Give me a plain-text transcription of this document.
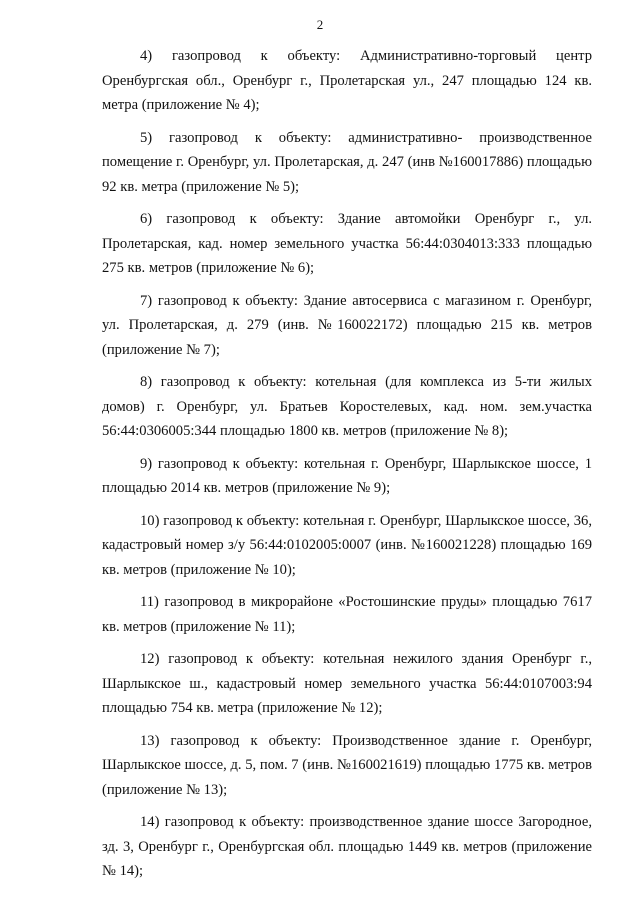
2

4) газопровод к объекту: Административно-торговый центр Оренбургская обл., Оренбург г., Пролетарская ул., 247 площадью 124 кв. метра (приложение № 4);

5) газопровод к объекту: административно- производственное помещение г. Оренбург, ул. Пролетарская, д. 247 (инв №160017886) площадью 92 кв. метра (приложение № 5);

6) газопровод к объекту: Здание автомойки Оренбург г., ул. Пролетарская, кад. номер земельного участка 56:44:0304013:333 площадью 275 кв. метров (приложение № 6);

7) газопровод к объекту: Здание автосервиса с магазином г. Оренбург, ул. Пролетарская, д. 279 (инв. №160022172) площадью 215 кв. метров (приложение № 7);

8) газопровод к объекту: котельная (для комплекса из 5-ти жилых домов) г. Оренбург, ул. Братьев Коростелевых, кад. ном. зем.участка 56:44:0306005:344 площадью 1800 кв. метров (приложение № 8);

9) газопровод к объекту: котельная г. Оренбург, Шарлыкское шоссе, 1 площадью 2014 кв. метров (приложение № 9);

10) газопровод к объекту: котельная г. Оренбург, Шарлыкское шоссе, 36, кадастровый номер з/у 56:44:0102005:0007 (инв. №160021228) площадью 169 кв. метров (приложение № 10);

11) газопровод в микрорайоне «Ростошинские пруды» площадью 7617 кв. метров (приложение № 11);

12) газопровод к объекту: котельная нежилого здания Оренбург г., Шарлыкское ш., кадастровый номер земельного участка 56:44:0107003:94 площадью 754 кв. метра (приложение № 12);

13) газопровод к объекту: Производственное здание г. Оренбург, Шарлыкское шоссе, д. 5, пом. 7 (инв. №160021619) площадью 1775 кв. метров (приложение № 13);

14) газопровод к объекту: производственное здание шоссе Загородное, зд. 3, Оренбург г., Оренбургская обл. площадью 1449 кв. метров (приложение № 14);
